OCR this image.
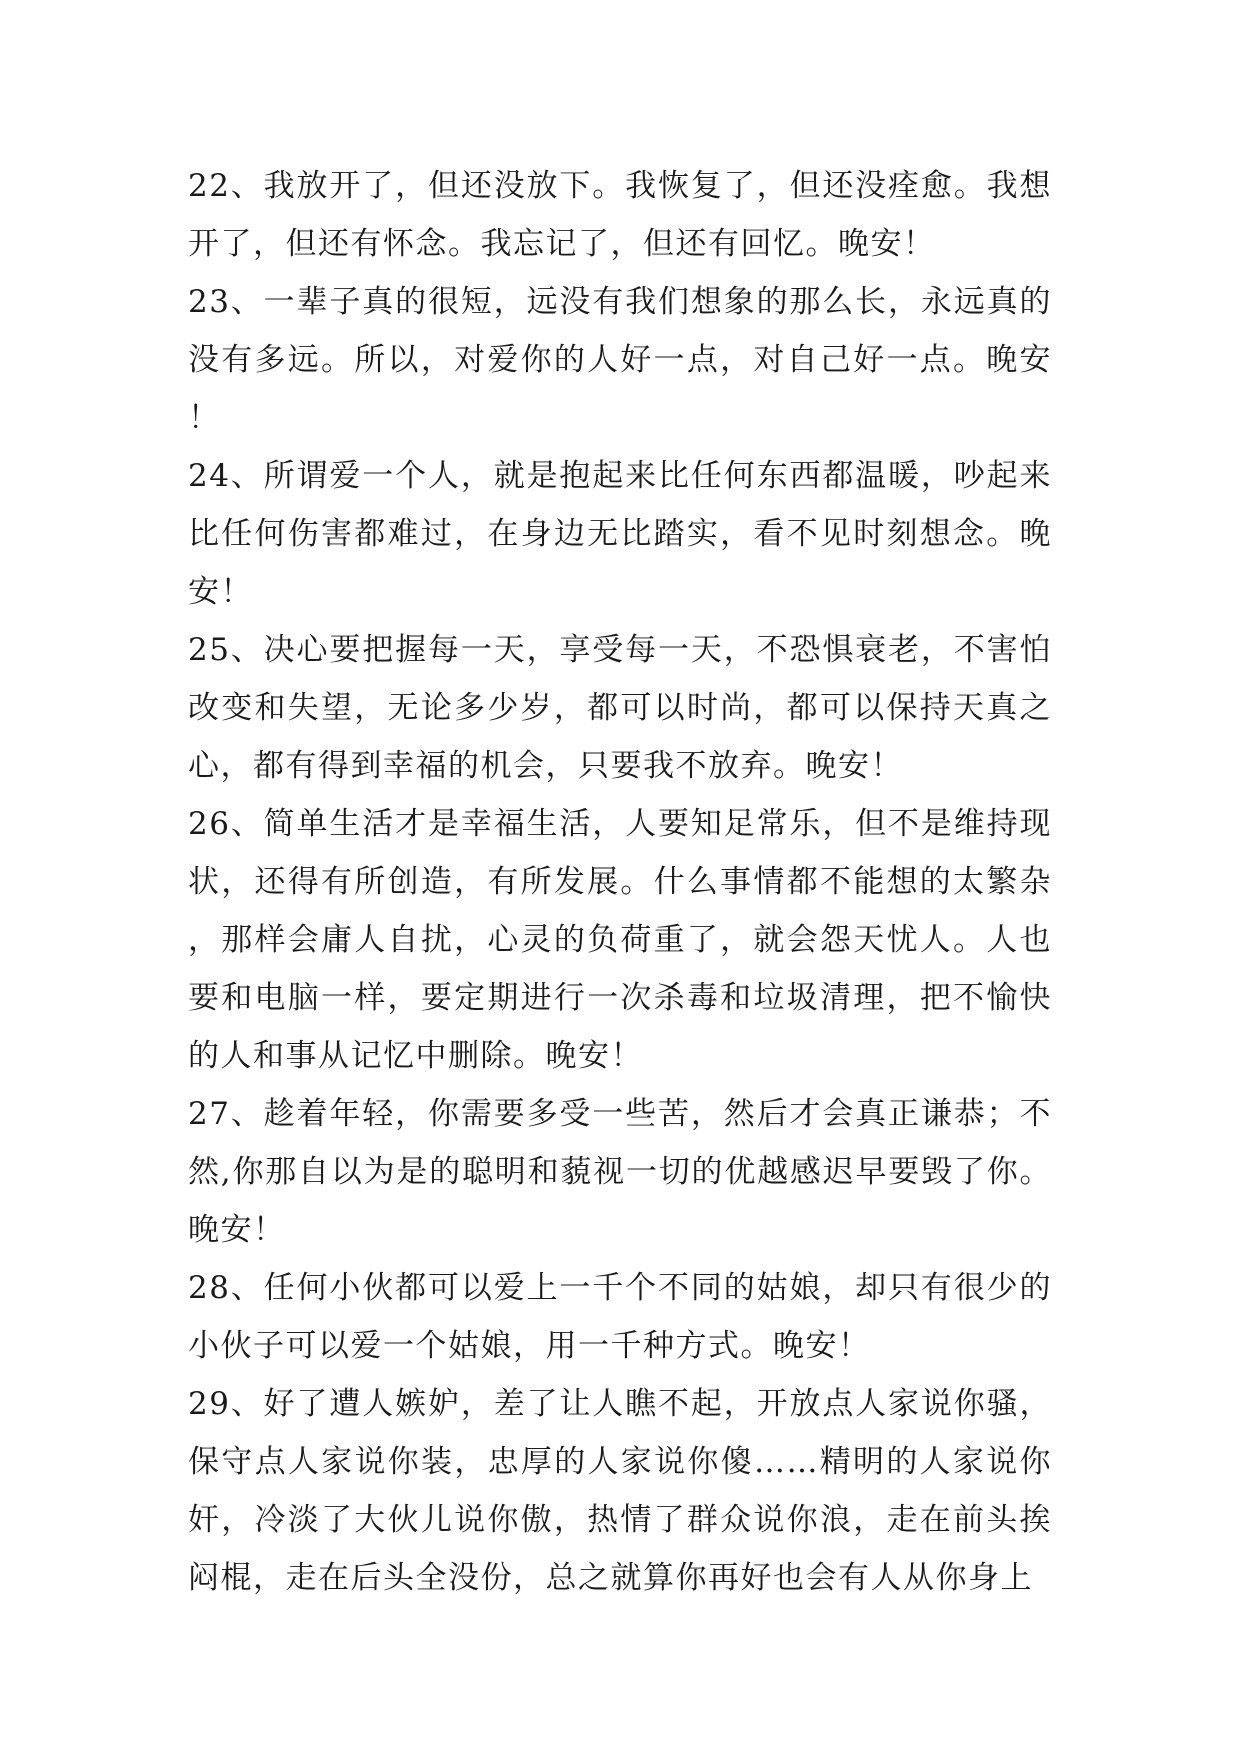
22、我放开了，但还没放下。我恢复了，但还没痊愈。我想开了，但还有怀念。我忘记了，但还有回忆。晚安！

23、一辈子真的很短，远没有我们想象的那么长，永远真的没有多远。所以，对爱你的人好一点，对自己好一点。晚安！

24、所谓爱一个人，就是抱起来比任何东西都温暖，吵起来比任何伤害都难过，在身边无比踏实，看不见时刻想念。晚安！

25、决心要把握每一天，享受每一天，不恐惧衰老，不害怕改变和失望，无论多少岁，都可以时尚，都可以保持天真之心，都有得到幸福的机会，只要我不放弃。晚安！

26、简单生活才是幸福生活，人要知足常乐，但不是维持现状，还得有所创造，有所发展。什么事情都不能想的太繁杂，那样会庸人自扰，心灵的负荷重了，就会怨天忧人。人也要和电脑一样，要定期进行一次杀毒和垃圾清理，把不愉快的人和事从记忆中删除。晚安！

27、趁着年轻，你需要多受一些苦，然后才会真正谦恭；不然,你那自以为是的聪明和藐视一切的优越感迟早要毁了你。晚安！

28、任何小伙都可以爱上一千个不同的姑娘，却只有很少的小伙子可以爱一个姑娘，用一千种方式。晚安！

29、好了遭人嫉妒，差了让人瞧不起，开放点人家说你骚，保守点人家说你装，忠厚的人家说你傻……精明的人家说你奸，冷淡了大伙儿说你傲，热情了群众说你浪，走在前头挨闷棍，走在后头全没份，总之就算你再好也会有人从你身上
